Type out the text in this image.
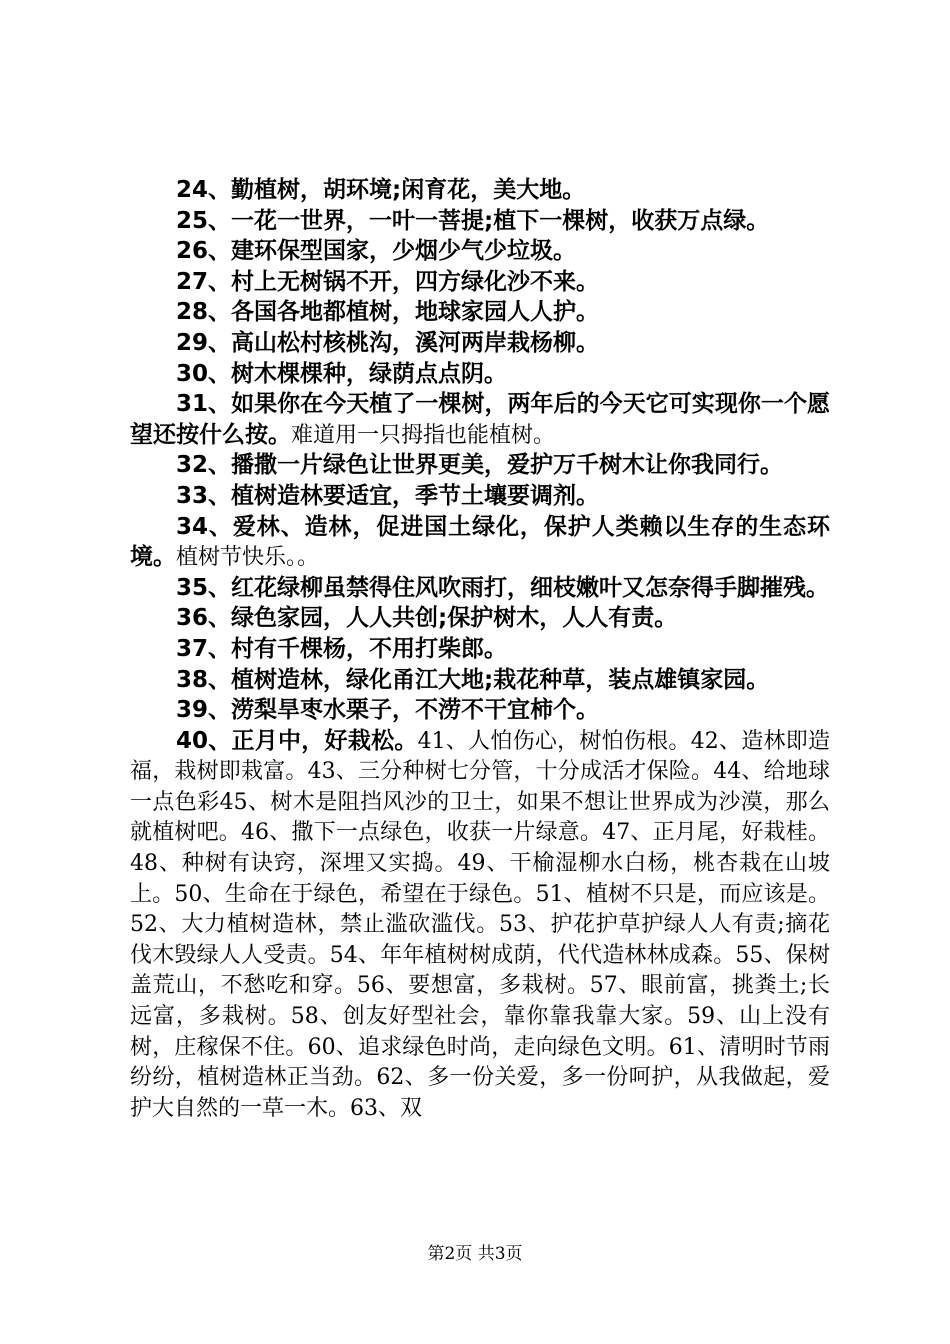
24、勤植树，胡环境;闲育花，美大地。

25、一花一世界，一叶一菩提;植下一棵树，收获万点绿。

26、建环保型国家，少烟少气少垃圾。

27、村上无树锅不开，四方绿化沙不来。

28、各国各地都植树，地球家园人人护。

29、高山松村核桃沟，溪河两岸栽杨柳。

30、树木棵棵种，绿荫点点阴。

31、如果你在今天植了一棵树，两年后的今天它可实现你一个愿望还按什么按。难道用一只拇指也能植树。

32、播撒一片绿色让世界更美，爱护万千树木让你我同行。

33、植树造林要适宜，季节土壤要调剂。

34、爱林、造林，促进国土绿化，保护人类赖以生存的生态环境。植树节快乐。。

35、红花绿柳虽禁得住风吹雨打，细枝嫩叶又怎奈得手脚摧残。

36、绿色家园，人人共创;保护树木，人人有责。

37、村有千棵杨，不用打柴郎。

38、植树造林，绿化甬江大地;栽花种草，装点雄镇家园。

39、涝梨旱枣水栗子，不涝不干宜柿个。

40、正月中，好栽松。41、人怕伤心，树怕伤根。42、造林即造福，栽树即栽富。43、三分种树七分管，十分成活才保险。44、给地球一点色彩45、树木是阻挡风沙的卫士，如果不想让世界成为沙漠，那么就植树吧。46、撒下一点绿色，收获一片绿意。47、正月尾，好栽桂。48、种树有诀窍，深埋又实捣。49、干榆湿柳水白杨，桃杏栽在山坡上。50、生命在于绿色，希望在于绿色。51、植树不只是，而应该是。52、大力植树造林，禁止滥砍滥伐。53、护花护草护绿人人有责;摘花伐木毁绿人人受责。54、年年植树树成荫，代代造林林成森。55、保树盖荒山，不愁吃和穿。56、要想富，多栽树。57、眼前富，挑粪土;长远富，多栽树。58、创友好型社会，靠你靠我靠大家。59、山上没有树，庄稼保不住。60、追求绿色时尚，走向绿色文明。61、清明时节雨纷纷，植树造林正当劲。62、多一份关爱，多一份呵护，从我做起，爱护大自然的一草一木。63、双

第2页 共3页
